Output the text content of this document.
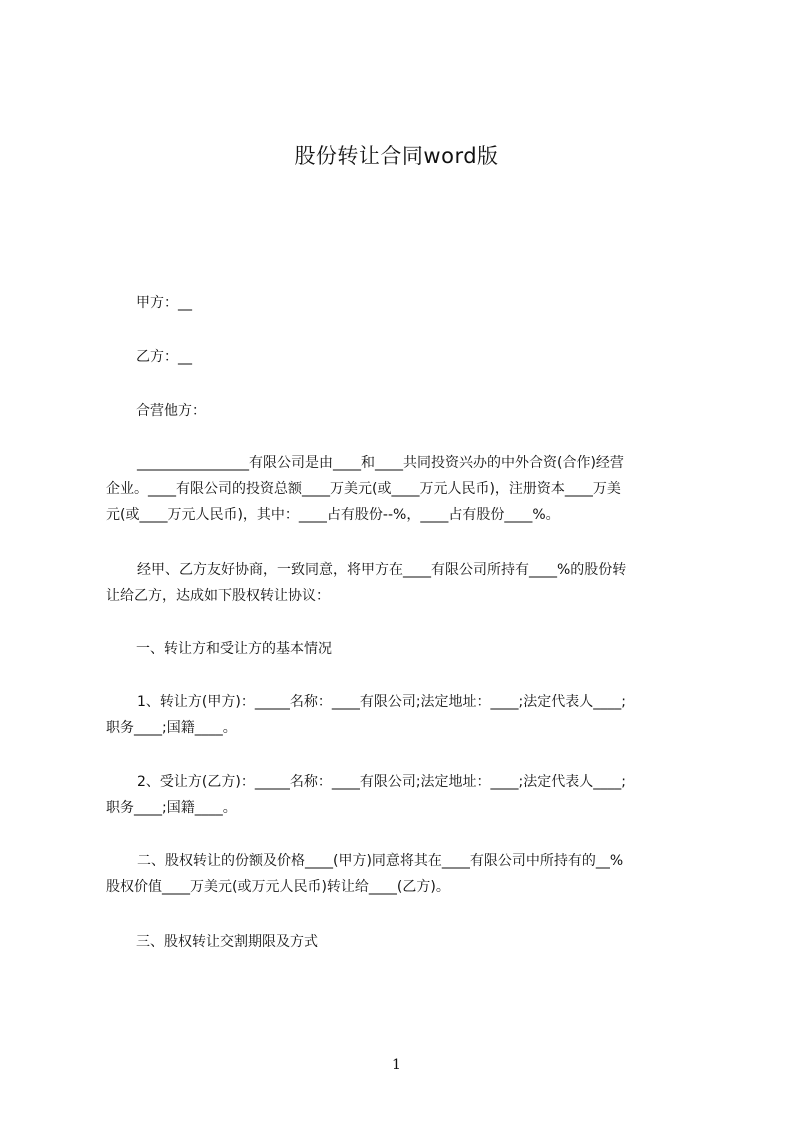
股份转让合同word版
甲方：__
乙方：__
合营他方：
________________有限公司是由____和____共同投资兴办的中外合资(合作)经营
企业。____有限公司的投资总额____万美元(或____万元人民币)，注册资本____万美
元(或____万元人民币)，其中：____占有股份--%，____占有股份____%。
经甲、乙方友好协商，一致同意，将甲方在____有限公司所持有____%的股份转
让给乙方，达成如下股权转让协议：
一、转让方和受让方的基本情况
1、转让方(甲方)：_____名称：____有限公司;法定地址：____;法定代表人____;
职务____;国籍____。
2、受让方(乙方)：_____名称：____有限公司;法定地址：____;法定代表人____;
职务____;国籍____。
二、股权转让的份额及价格____(甲方)同意将其在____有限公司中所持有的__%
股权价值____万美元(或万元人民币)转让给____(乙方)。
三、股权转让交割期限及方式
1
